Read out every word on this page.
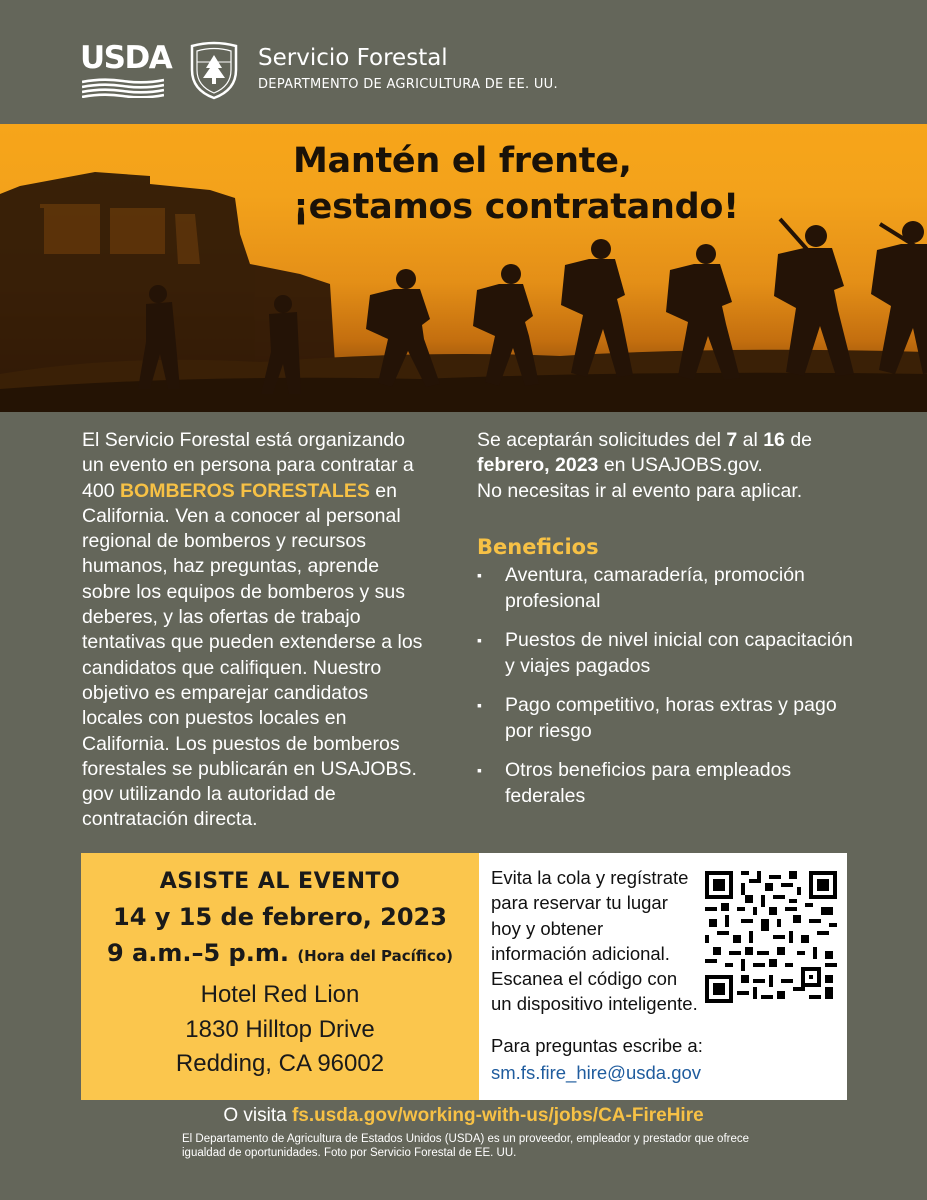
USDA	Servicio Forestal
DEPARTMENTO DE AGRICULTURA DE EE. UU.
Mantén el frente,
¡estamos contratando!
El Servicio Forestal está organizando un evento en persona para contratar a 400 BOMBEROS FORESTALES en California. Ven a conocer al personal regional de bomberos y recursos humanos, haz preguntas, aprende sobre los equipos de bomberos y sus deberes, y las ofertas de trabajo tentativas que pueden extenderse a los candidatos que califiquen. Nuestro objetivo es emparejar candidatos locales con puestos locales en California. Los puestos de bomberos forestales se publicarán en USAJOBS. gov utilizando la autoridad de contratación directa.
Se aceptarán solicitudes del 7 al 16 de febrero, 2023 en USAJOBS.gov.
No necesitas ir al evento para aplicar.
Beneficios
▪ Aventura, camaradería, promoción profesional
▪ Puestos de nivel inicial con capacitación y viajes pagados
▪ Pago competitivo, horas extras y pago por riesgo
▪ Otros beneficios para empleados federales
ASISTE AL EVENTO
14 y 15 de febrero, 2023
9 a.m.–5 p.m. (Hora del Pacífico)
Hotel Red Lion
1830 Hilltop Drive
Redding, CA 96002
Evita la cola y regístrate para reservar tu lugar hoy y obtener información adicional. Escanea el código con un dispositivo inteligente.
Para preguntas escribe a:
sm.fs.fire_hire@usda.gov
O visita fs.usda.gov/working-with-us/jobs/CA-FireHire
El Departamento de Agricultura de Estados Unidos (USDA) es un proveedor, empleador y prestador que ofrece igualdad de oportunidades. Foto por Servicio Forestal de EE. UU.
